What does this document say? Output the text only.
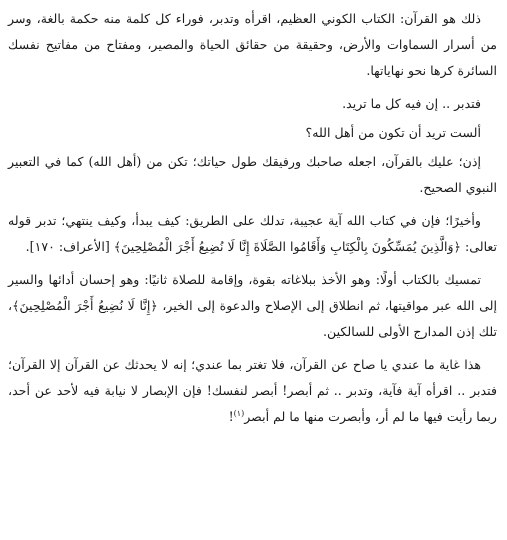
ذلك هو القرآن: الكتاب الكوني العظيم، اقرأه وتدبر، فوراء كل كلمة منه حكمة بالغة، وسر من أسرار السماوات والأرض، وحقيقة من حقائق الحياة والمصير، ومفتاح من مفاتيح نفسك السائرة كرها نحو نهاياتها.

فتدبر .. إن فيه كل ما تريد.

ألست تريد أن تكون من أهل الله؟

إذن؛ عليك بالقرآن، اجعله صاحبك ورفيقك طول حياتك؛ تكن من (أهل الله) كما في التعبير النبوي الصحيح.

وأخيرًا؛ فإن في كتاب الله آية عجيبة، تدلك على الطريق: كيف يبدأ، وكيف ينتهي؛ تدبر قوله تعالى: ﴿وَالَّذِينَ يُمَسِّكُونَ بِالْكِتَابِ وَأَقَامُوا الصَّلَاةَ إِنَّا لَا نُضِيعُ أَجْرَ الْمُصْلِحِينَ﴾ [الأعراف: ١٧٠].

تمسيك بالكتاب أولًا: وهو الأخذ ببلاغاته بقوة، وإقامة للصلاة ثانيًا: وهو إحسان أدائها والسير إلى الله عبر مواقيتها، ثم انطلاق إلى الإصلاح والدعوة إلى الخير، ﴿إِنَّا لَا نُضِيعُ أَجْرَ الْمُصْلِحِينَ﴾، تلك إذن المدارج الأولى للسالكين.

هذا غاية ما عندي يا صاح عن القرآن، فلا تغتر بما عندي؛ إنه لا يحدثك عن القرآن إلا القرآن؛ فتدبر .. اقرأه آية فآية، وتدبر .. ثم أبصر! أبصر لنفسك! فإن الإبصار لا نيابة فيه لأحد عن أحد، ربما رأيت فيها ما لم أر، وأبصرت منها ما لم أبصر$^{(١)}$!
